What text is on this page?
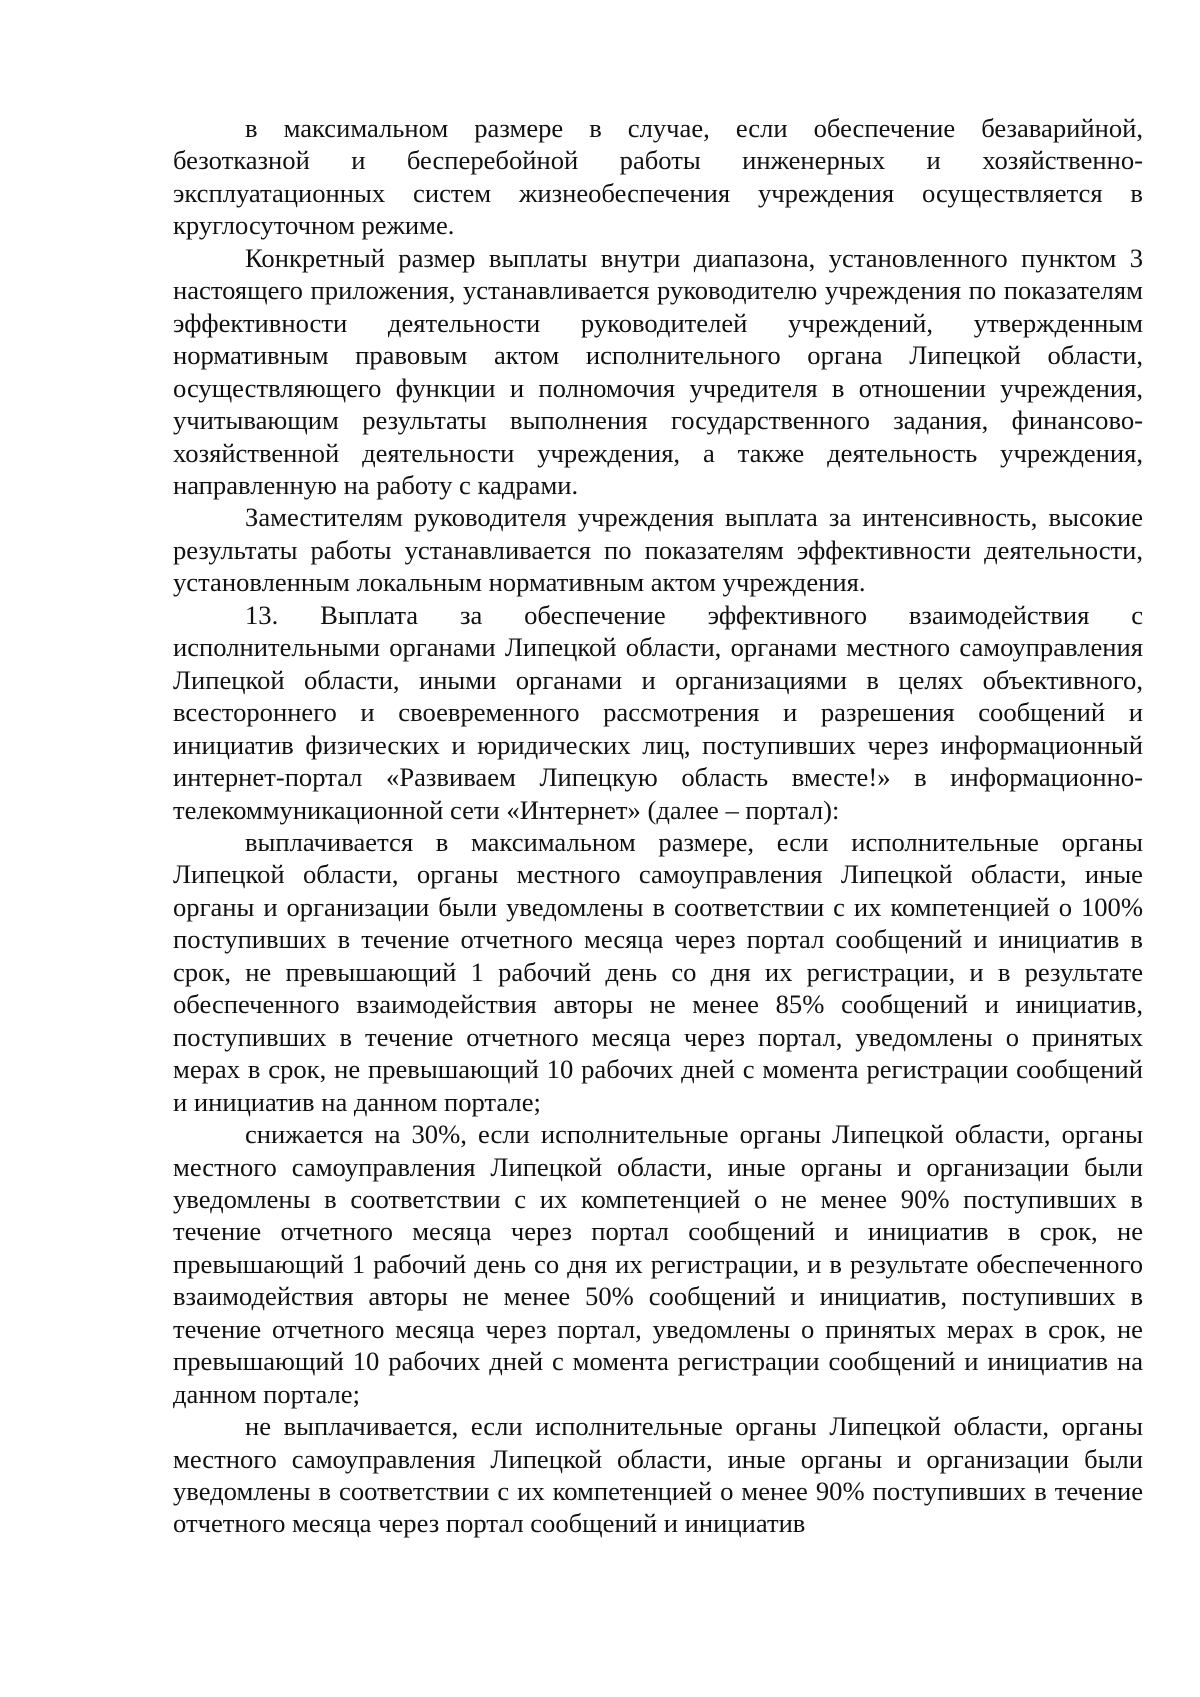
в максимальном размере в случае, если обеспечение безаварийной, безотказной и бесперебойной работы инженерных и хозяйственно-эксплуатационных систем жизнеобеспечения учреждения осуществляется в круглосуточном режиме.

Конкретный размер выплаты внутри диапазона, установленного пунктом 3 настоящего приложения, устанавливается руководителю учреждения по показателям эффективности деятельности руководителей учреждений, утвержденным нормативным правовым актом исполнительного органа Липецкой области, осуществляющего функции и полномочия учредителя в отношении учреждения, учитывающим результаты выполнения государственного задания, финансово-хозяйственной деятельности учреждения, а также деятельность учреждения, направленную на работу с кадрами.

Заместителям руководителя учреждения выплата за интенсивность, высокие результаты работы устанавливается по показателям эффективности деятельности, установленным локальным нормативным актом учреждения.

13. Выплата за обеспечение эффективного взаимодействия с исполнительными органами Липецкой области, органами местного самоуправления Липецкой области, иными органами и организациями в целях объективного, всестороннего и своевременного рассмотрения и разрешения сообщений и инициатив физических и юридических лиц, поступивших через информационный интернет-портал «Развиваем Липецкую область вместе!» в информационно-телекоммуникационной сети «Интернет» (далее – портал):

выплачивается в максимальном размере, если исполнительные органы Липецкой области, органы местного самоуправления Липецкой области, иные органы и организации были уведомлены в соответствии с их компетенцией о 100% поступивших в течение отчетного месяца через портал сообщений и инициатив в срок, не превышающий 1 рабочий день со дня их регистрации, и в результате обеспеченного взаимодействия авторы не менее 85% сообщений и инициатив, поступивших в течение отчетного месяца через портал, уведомлены о принятых мерах в срок, не превышающий 10 рабочих дней с момента регистрации сообщений и инициатив на данном портале;

снижается на 30%, если исполнительные органы Липецкой области, органы местного самоуправления Липецкой области, иные органы и организации были уведомлены в соответствии с их компетенцией о не менее 90% поступивших в течение отчетного месяца через портал сообщений и инициатив в срок, не превышающий 1 рабочий день со дня их регистрации, и в результате обеспеченного взаимодействия авторы не менее 50% сообщений и инициатив, поступивших в течение отчетного месяца через портал, уведомлены о принятых мерах в срок, не превышающий 10 рабочих дней с момента регистрации сообщений и инициатив на данном портале;

не выплачивается, если исполнительные органы Липецкой области, органы местного самоуправления Липецкой области, иные органы и организации были уведомлены в соответствии с их компетенцией о менее 90% поступивших в течение отчетного месяца через портал сообщений и инициатив
